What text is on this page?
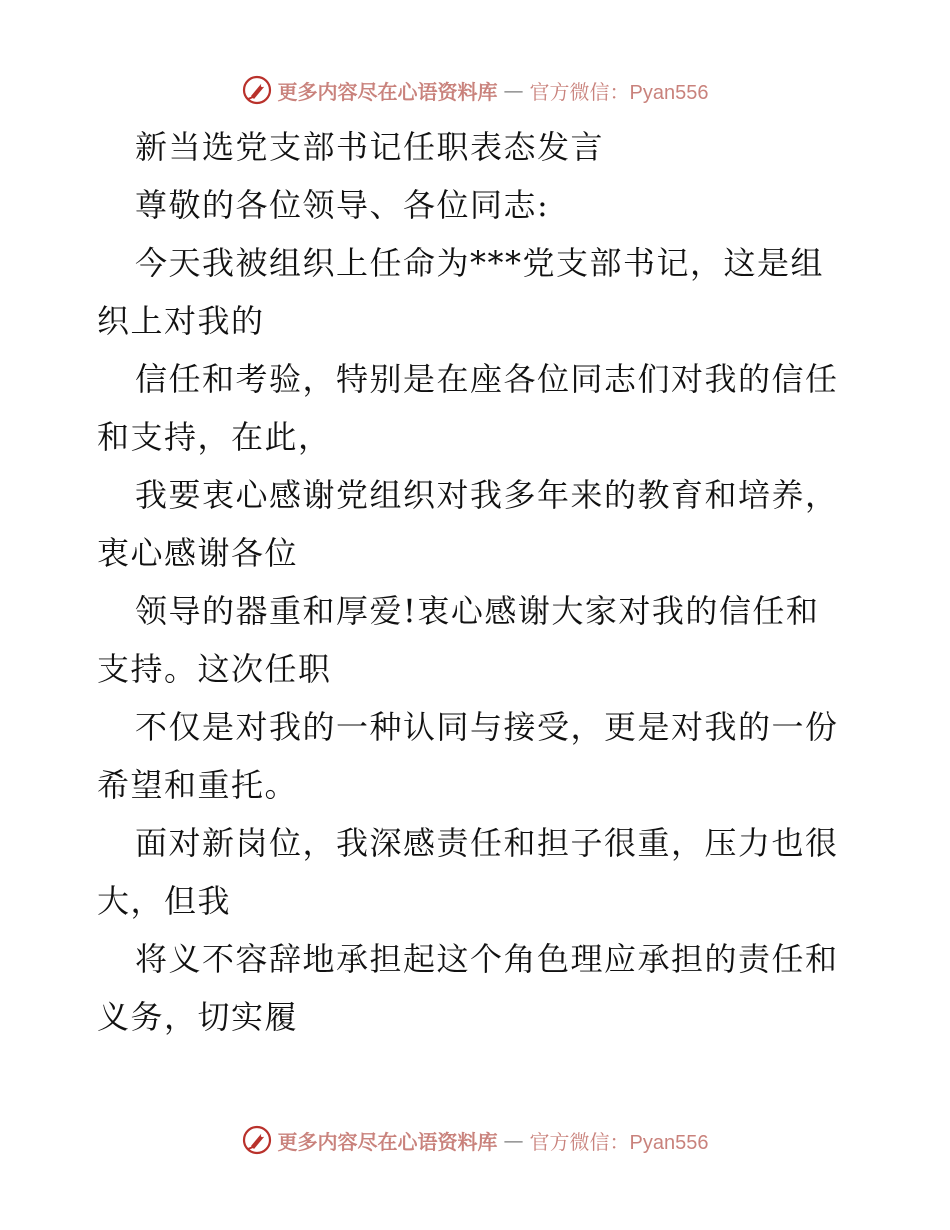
更多内容尽在心语资料库 — 官方微信：Pyan556
新当选党支部书记任职表态发言
尊敬的各位领导、各位同志:
今天我被组织上任命为***党支部书记，这是组
织上对我的
信任和考验，特别是在座各位同志们对我的信任
和支持，在此，
我要衷心感谢党组织对我多年来的教育和培养，
衷心感谢各位
领导的器重和厚爱!衷心感谢大家对我的信任和
支持。这次任职
不仅是对我的一种认同与接受，更是对我的一份
希望和重托。
面对新岗位，我深感责任和担子很重，压力也很
大，但我
将义不容辞地承担起这个角色理应承担的责任和
义务，切实履
更多内容尽在心语资料库 — 官方微信：Pyan556
